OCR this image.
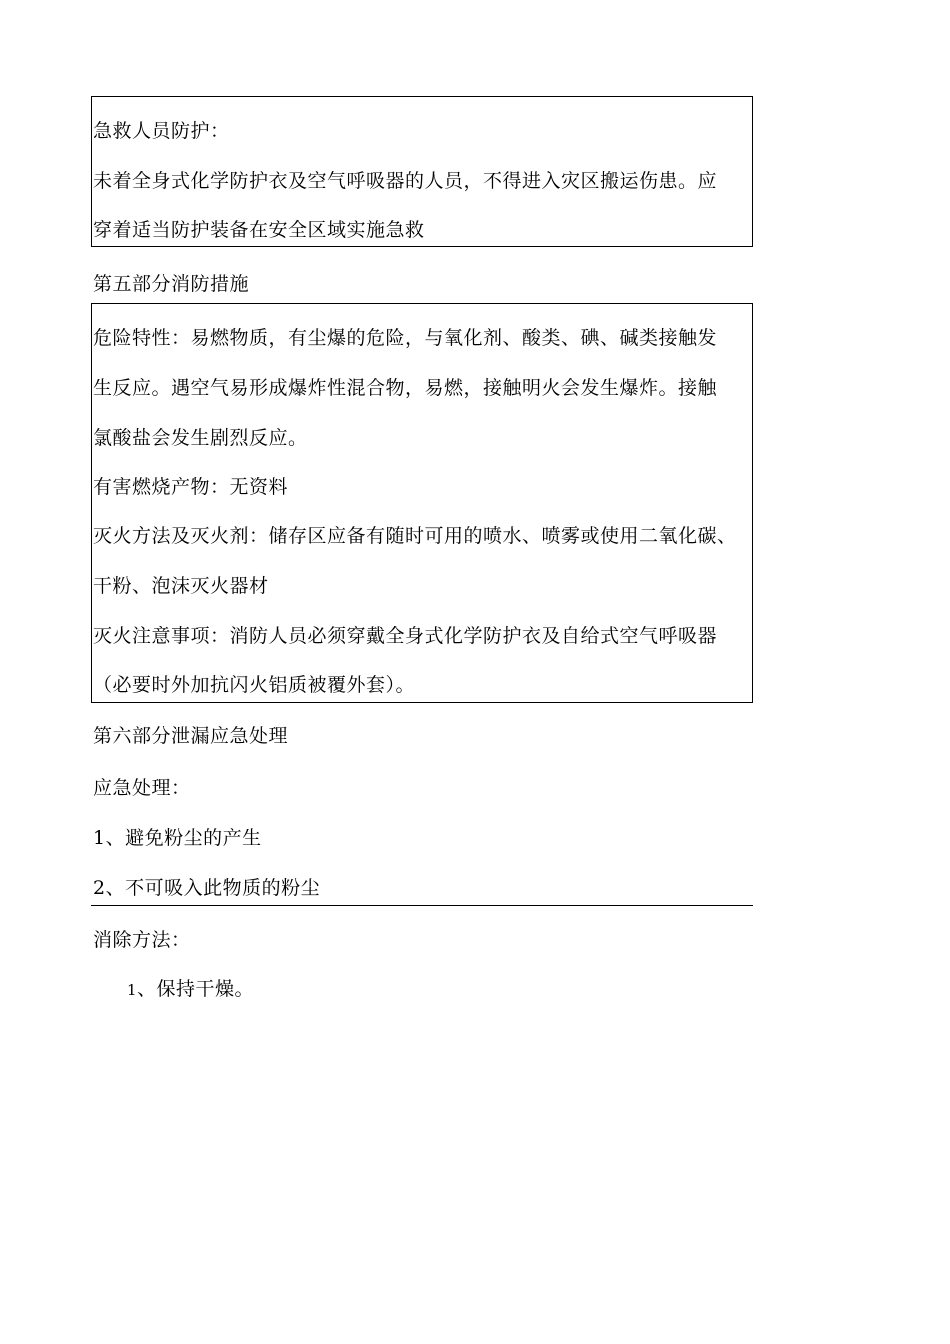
急救人员防护：
未着全身式化学防护衣及空气呼吸器的人员，不得进入灾区搬运伤患。应
穿着适当防护装备在安全区域实施急救
第五部分消防措施
危险特性：易燃物质，有尘爆的危险，与氧化剂、酸类、碘、碱类接触发
生反应。遇空气易形成爆炸性混合物，易燃，接触明火会发生爆炸。接触
氯酸盐会发生剧烈反应。
有害燃烧产物：无资料
灭火方法及灭火剂：储存区应备有随时可用的喷水、喷雾或使用二氧化碳、
干粉、泡沫灭火器材
灭火注意事项：消防人员必须穿戴全身式化学防护衣及自给式空气呼吸器
（必要时外加抗闪火铝质被覆外套）。
第六部分泄漏应急处理
应急处理：
1、避免粉尘的产生
2、不可吸入此物质的粉尘
消除方法：
1、保持干燥。
